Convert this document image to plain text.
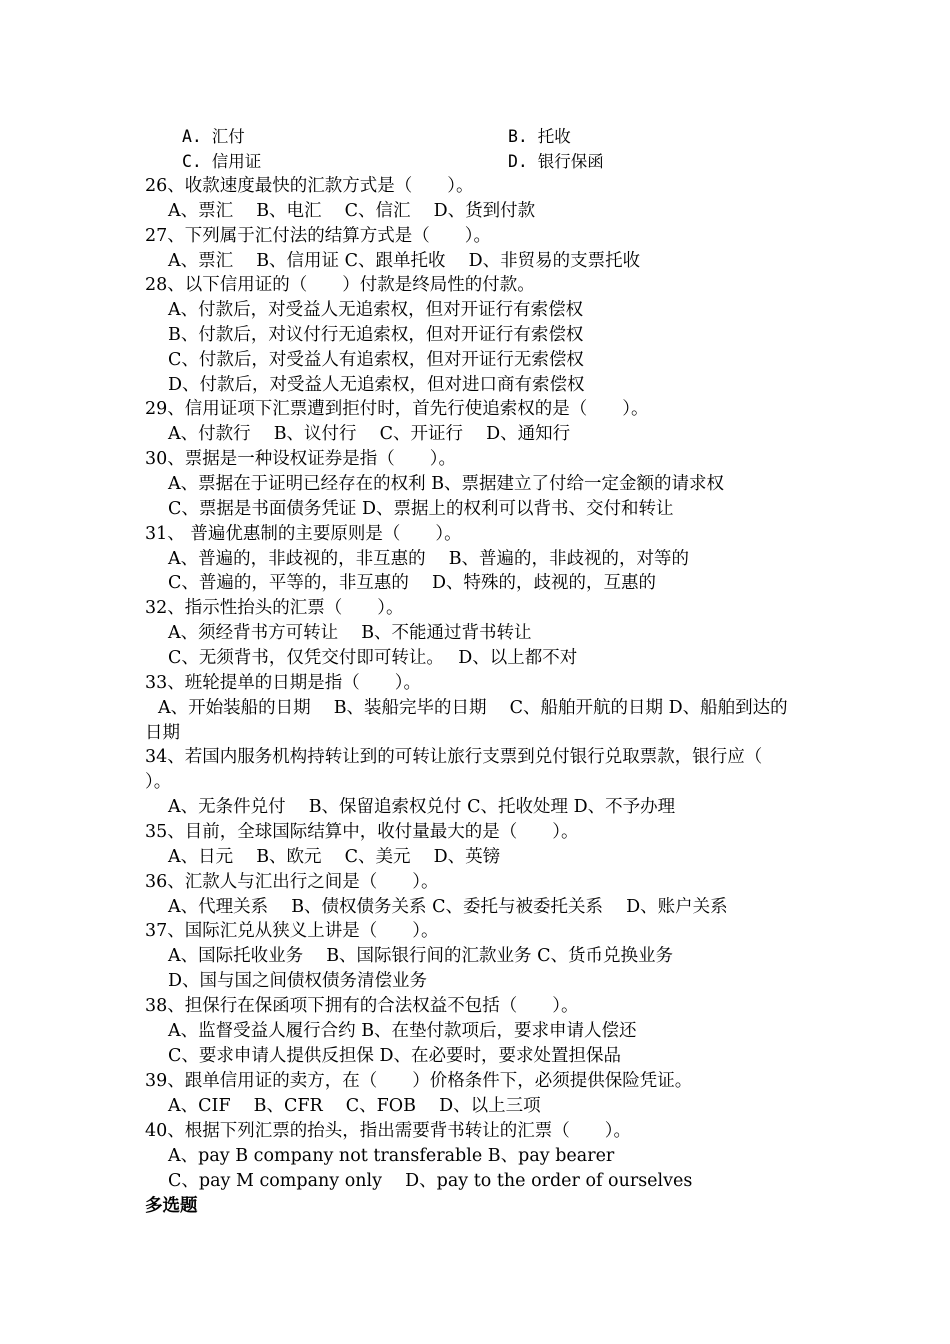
A. 汇付	B. 托收
C. 信用证	D. 银行保函
26、收款速度最快的汇款方式是（　　）。
A、票汇　 B、电汇　 C、信汇　 D、货到付款
27、下列属于汇付法的结算方式是（　　）。
A、票汇　 B、信用证 C、跟单托收　 D、非贸易的支票托收
28、以下信用证的（　　）付款是终局性的付款。
A、付款后，对受益人无追索权，但对开证行有索偿权
B、付款后，对议付行无追索权，但对开证行有索偿权
C、付款后，对受益人有追索权，但对开证行无索偿权
D、付款后，对受益人无追索权，但对进口商有索偿权
29、信用证项下汇票遭到拒付时，首先行使追索权的是（　　）。
A、付款行　 B、议付行　 C、开证行　 D、通知行
30、票据是一种设权证券是指（　　）。
A、票据在于证明已经存在的权利 B、票据建立了付给一定金额的请求权
C、票据是书面债务凭证 D、票据上的权利可以背书、交付和转让
31、 普遍优惠制的主要原则是（　　）。
A、普遍的，非歧视的，非互惠的　 B、普遍的，非歧视的，对等的
C、普遍的，平等的，非互惠的　 D、特殊的，歧视的，互惠的
32、指示性抬头的汇票（　　）。
A、须经背书方可转让　 B、不能通过背书转让
C、无须背书，仅凭交付即可转让。　 D、以上都不对
33、班轮提单的日期是指（　　）。
A、开始装船的日期　 B、装船完毕的日期　 C、船舶开航的日期 D、船舶到达的
日期
34、若国内服务机构持转让到的可转让旅行支票到兑付银行兑取票款，银行应（
）。
A、无条件兑付　 B、保留追索权兑付 C、托收处理 D、不予办理
35、目前，全球国际结算中，收付量最大的是（　　）。
A、日元　 B、欧元　 C、美元　 D、英镑
36、汇款人与汇出行之间是（　　）。
A、代理关系　 B、债权债务关系 C、委托与被委托关系　 D、账户关系
37、国际汇兑从狭义上讲是（　　）。
A、国际托收业务　 B、国际银行间的汇款业务 C、货币兑换业务
D、国与国之间债权债务清偿业务
38、担保行在保函项下拥有的合法权益不包括（　　）。
A、监督受益人履行合约 B、在垫付款项后，要求申请人偿还
C、要求申请人提供反担保 D、在必要时，要求处置担保品
39、跟单信用证的卖方，在（　　）价格条件下，必须提供保险凭证。
A、CIF　 B、CFR　 C、FOB　 D、以上三项
40、根据下列汇票的抬头，指出需要背书转让的汇票（　　）。
A、pay B company not transferable B、pay bearer
C、pay M company only　 D、pay to the order of ourselves
多选题
